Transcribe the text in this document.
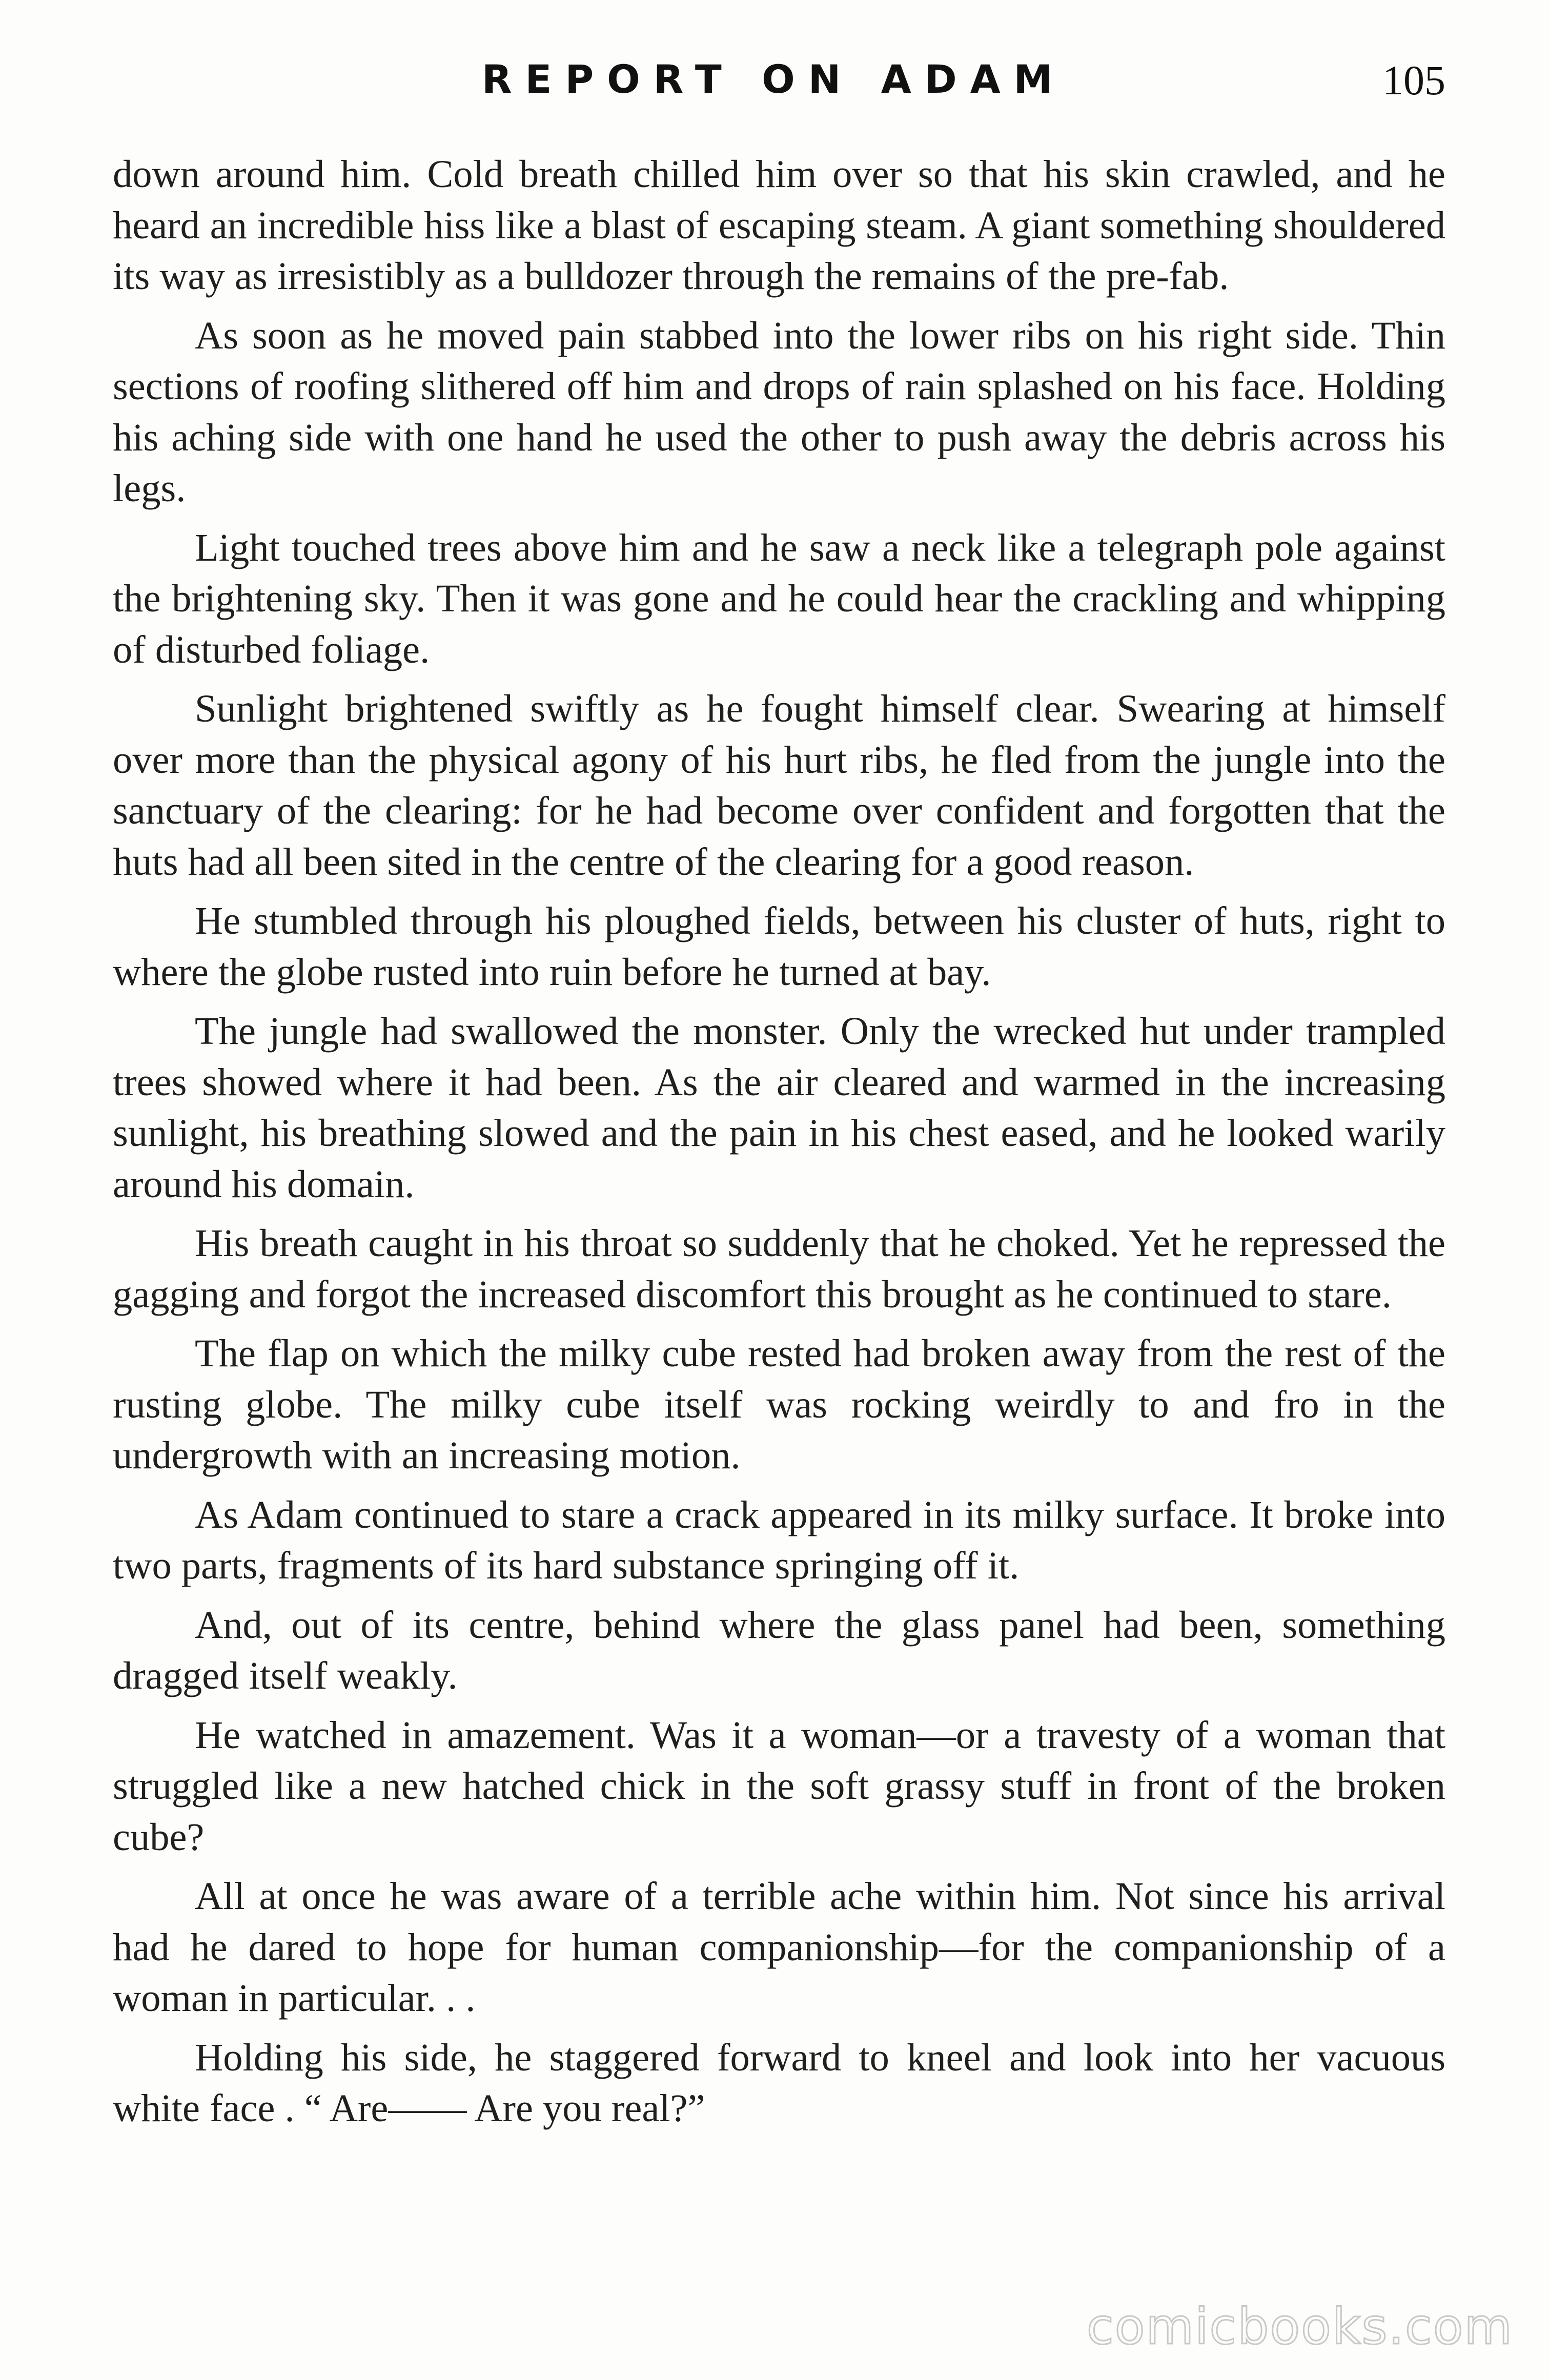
REPORT ON ADAM	105

down around him. Cold breath chilled him over so that his skin crawled, and he heard an incredible hiss like a blast of escaping steam. A giant something shouldered its way as irresistibly as a bulldozer through the remains of the pre-fab.

As soon as he moved pain stabbed into the lower ribs on his right side. Thin sections of roofing slithered off him and drops of rain splashed on his face. Holding his aching side with one hand he used the other to push away the debris across his legs.

Light touched trees above him and he saw a neck like a telegraph pole against the brightening sky. Then it was gone and he could hear the crackling and whipping of disturbed foliage.

Sunlight brightened swiftly as he fought himself clear. Swearing at himself over more than the physical agony of his hurt ribs, he fled from the jungle into the sanctuary of the clearing: for he had become over confident and forgotten that the huts had all been sited in the centre of the clearing for a good reason.

He stumbled through his ploughed fields, between his cluster of huts, right to where the globe rusted into ruin before he turned at bay.

The jungle had swallowed the monster. Only the wrecked hut under trampled trees showed where it had been. As the air cleared and warmed in the increasing sunlight, his breathing slowed and the pain in his chest eased, and he looked warily around his domain.

His breath caught in his throat so suddenly that he choked. Yet he repressed the gagging and forgot the increased discomfort this brought as he continued to stare.

The flap on which the milky cube rested had broken away from the rest of the rusting globe. The milky cube itself was rocking weirdly to and fro in the undergrowth with an increasing motion.

As Adam continued to stare a crack appeared in its milky surface. It broke into two parts, fragments of its hard substance springing off it.

And, out of its centre, behind where the glass panel had been, something dragged itself weakly.

He watched in amazement. Was it a woman—or a travesty of a woman that struggled like a new hatched chick in the soft grassy stuff in front of the broken cube?

All at once he was aware of a terrible ache within him. Not since his arrival had he dared to hope for human companionship—for the companionship of a woman in particular. . .

Holding his side, he staggered forward to kneel and look into her vacuous white face . “ Are—— Are you real?”

comicbooks.com
